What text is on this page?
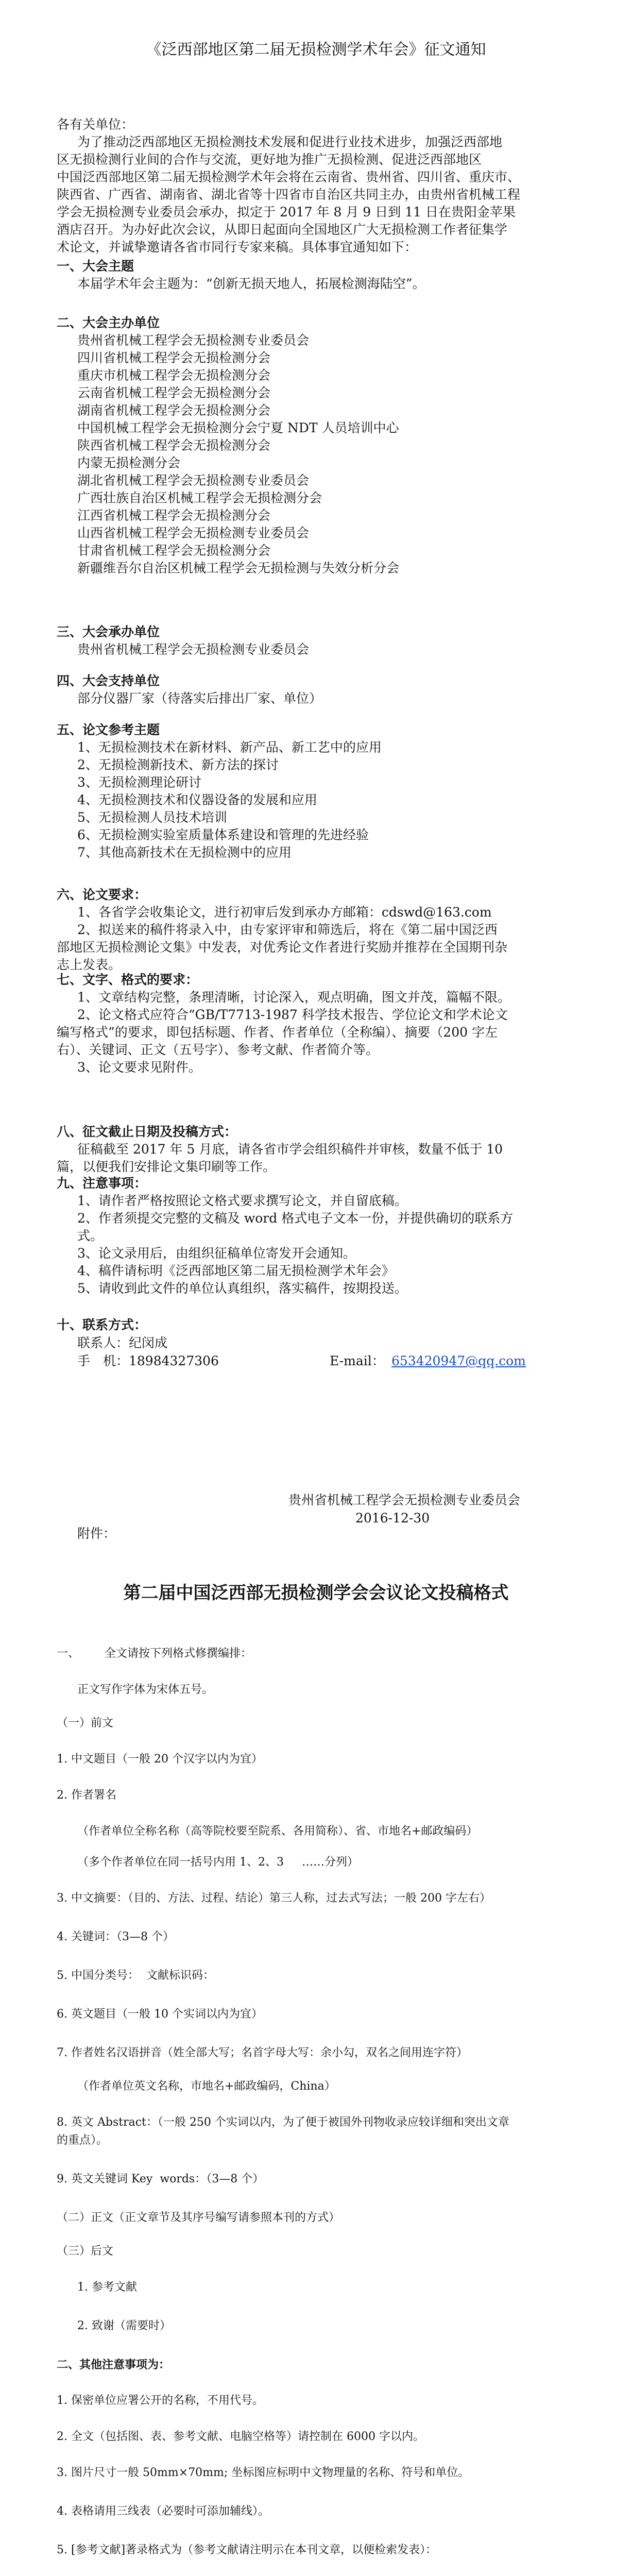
《泛西部地区第二届无损检测学术年会》征文通知
各有关单位：
为了推动泛西部地区无损检测技术发展和促进行业技术进步，加强泛西部地
区无损检测行业间的合作与交流，更好地为推广无损检测、促进泛西部地区
中国泛西部地区第二届无损检测学术年会将在云南省、贵州省、四川省、重庆市、
陕西省、广西省、湖南省、湖北省等十四省市自治区共同主办，由贵州省机械工程
学会无损检测专业委员会承办，拟定于 2017 年 8 月 9 日到 11 日在贵阳金苹果
酒店召开。为办好此次会议，从即日起面向全国地区广大无损检测工作者征集学
术论文，并诚挚邀请各省市同行专家来稿。具体事宜通知如下：
一、大会主题
本届学术年会主题为：“创新无损天地人，拓展检测海陆空”。
二、大会主办单位
贵州省机械工程学会无损检测专业委员会
四川省机械工程学会无损检测分会
重庆市机械工程学会无损检测分会
云南省机械工程学会无损检测分会
湖南省机械工程学会无损检测分会
中国机械工程学会无损检测分会宁夏 NDT 人员培训中心
陕西省机械工程学会无损检测分会
内蒙无损检测分会
湖北省机械工程学会无损检测专业委员会
广西壮族自治区机械工程学会无损检测分会
江西省机械工程学会无损检测分会
山西省机械工程学会无损检测专业委员会
甘肃省机械工程学会无损检测分会
新疆维吾尔自治区机械工程学会无损检测与失效分析分会
三、大会承办单位
贵州省机械工程学会无损检测专业委员会
四、大会支持单位
部分仪器厂家（待落实后排出厂家、单位）
五、论文参考主题
1、无损检测技术在新材料、新产品、新工艺中的应用
2、无损检测新技术、新方法的探讨
3、无损检测理论研讨
4、无损检测技术和仪器设备的发展和应用
5、无损检测人员技术培训
6、无损检测实验室质量体系建设和管理的先进经验
7、其他高新技术在无损检测中的应用
六、论文要求：
1、各省学会收集论文，进行初审后发到承办方邮箱：cdswd@163.com
2、拟送来的稿件将录入中，由专家评审和筛选后，将在《第二届中国泛西
部地区无损检测论文集》中发表，对优秀论文作者进行奖励并推荐在全国期刊杂
志上发表。
七、文字、格式的要求：
1、文章结构完整，条理清晰，讨论深入，观点明确，图文并茂，篇幅不限。
2、论文格式应符合“GB/T7713-1987 科学技术报告、学位论文和学术论文
编写格式”的要求，即包括标题、作者、作者单位（全称编）、摘要（200 字左
右）、关键词、正文（五号字）、参考文献、作者简介等。
3、论文要求见附件。
八、征文截止日期及投稿方式：
征稿截至 2017 年 5 月底，请各省市学会组织稿件并审核，数量不低于 10
篇，以便我们安排论文集印刷等工作。
九、注意事项：
1、请作者严格按照论文格式要求撰写论文，并自留底稿。
2、作者须提交完整的文稿及 word 格式电子文本一份，并提供确切的联系方
式。
3、论文录用后，由组织征稿单位寄发开会通知。
4、稿件请标明《泛西部地区第二届无损检测学术年会》
5、请收到此文件的单位认真组织，落实稿件，按期投送。
十、联系方式：
联系人： 纪闵成
手　机： 18984327306	E-mail： 653420947@qq.com
贵州省机械工程学会无损检测专业委员会
2016-12-30
附件：
第二届中国泛西部无损检测学会会议论文投稿格式
一、       全文请按下列格式修撰编排：
正文写作字体为宋体五号。
（一）前文
1. 中文题目（一般 20 个汉字以内为宜）
2. 作者署名
（作者单位全称名称（高等院校要至院系、各用简称）、省、市地名+邮政编码）
（多个作者单位在同一括号内用 1、2、3     ……分列）
3. 中文摘要：（目的、方法、过程、结论）第三人称，过去式写法；一般 200 字左右）
4. 关键词：（3—8 个）
5. 中国分类号：  文献标识码：
6. 英文题目（一般 10 个实词以内为宜）
7. 作者姓名汉语拼音（姓全部大写；名首字母大写：余小勾，双名之间用连字符）
（作者单位英文名称，市地名+邮政编码，China）
8. 英文 Abstract：（一般 250 个实词以内，为了便于被国外刊物收录应较详细和突出文章
的重点）。
9. 英文关键词 Key  words：（3—8 个）
（二）正文（正文章节及其序号编写请参照本刊的方式）
（三）后文
1. 参考文献
2. 致谢（需要时）
二、其他注意事项为：
1. 保密单位应署公开的名称，不用代号。
2. 全文（包括图、表、参考文献、电脑空格等）请控制在 6000 字以内。
3. 图片尺寸一般 50mm×70mm; 坐标图应标明中文物理量的名称、符号和单位。
4. 表格请用三线表（必要时可添加辅线）。
5. [参考文献]著录格式为（参考文献请注明示在本刊文章，以便检索发表）：
